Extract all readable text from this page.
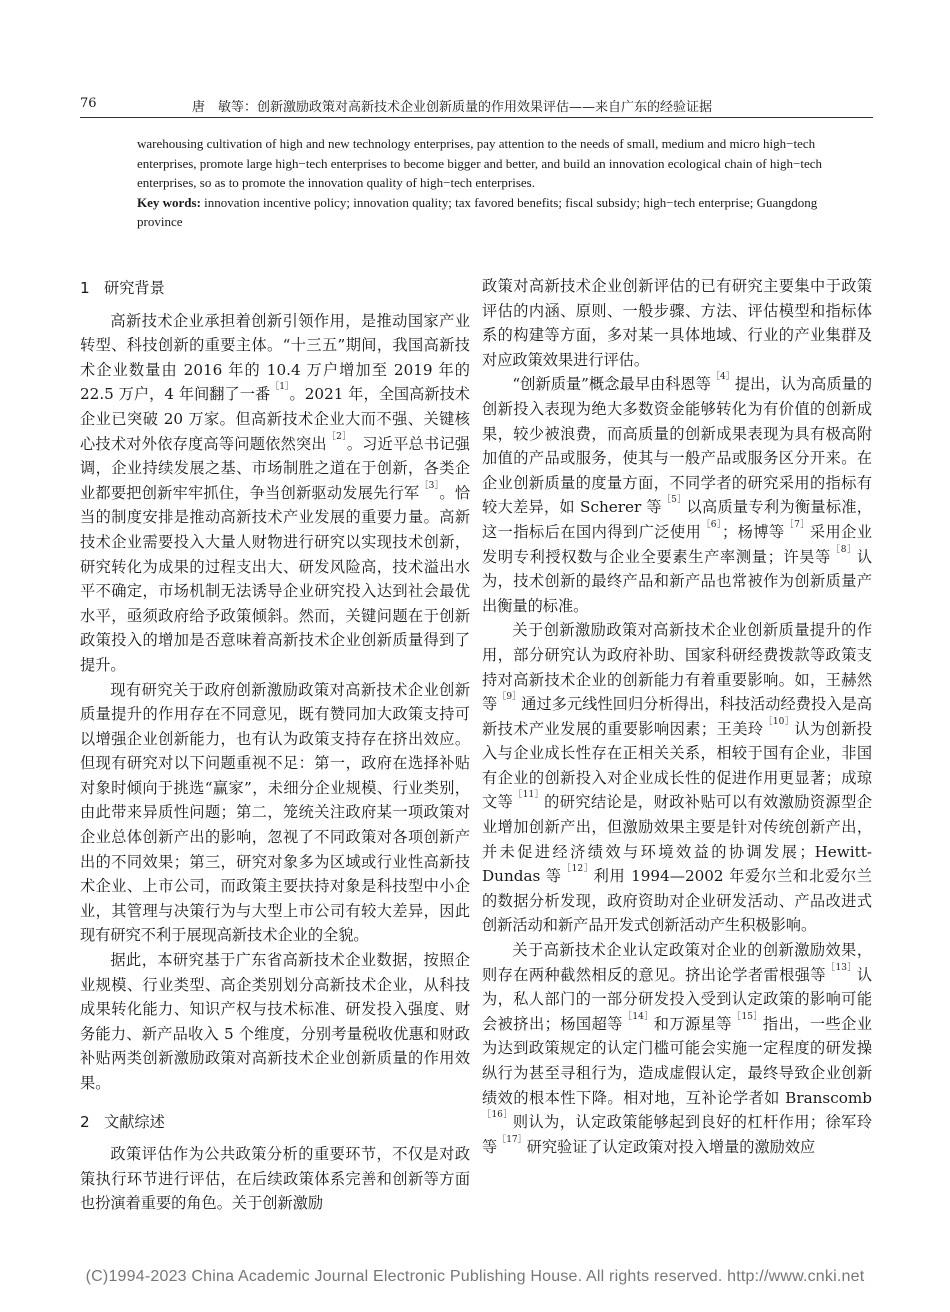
76	唐　敏等：创新激励政策对高新技术企业创新质量的作用效果评估——来自广东的经验证据

warehousing cultivation of high and new technology enterprises, pay attention to the needs of small, medium and micro high−tech enterprises, promote large high−tech enterprises to become bigger and better, and build an innovation ecological chain of high−tech enterprises, so as to promote the innovation quality of high−tech enterprises.

Key words: innovation incentive policy; innovation quality; tax favored benefits; fiscal subsidy; high−tech enterprise; Guangdong province

1 研究背景

高新技术企业承担着创新引领作用，是推动国家产业转型、科技创新的重要主体。“十三五”期间，我国高新技术企业数量由 2016 年的 10.4 万户增加至 2019 年的 22.5 万户，4 年间翻了一番$^{[1]}$。2021 年，全国高新技术企业已突破 20 万家。但高新技术企业大而不强、关键核心技术对外依存度高等问题依然突出$^{[2]}$。习近平总书记强调，企业持续发展之基、市场制胜之道在于创新，各类企业都要把创新牢牢抓住，争当创新驱动发展先行军$^{[3]}$。恰当的制度安排是推动高新技术产业发展的重要力量。高新技术企业需要投入大量人财物进行研究以实现技术创新，研究转化为成果的过程支出大、研发风险高，技术溢出水平不确定，市场机制无法诱导企业研究投入达到社会最优水平，亟须政府给予政策倾斜。然而，关键问题在于创新政策投入的增加是否意味着高新技术企业创新质量得到了提升。

现有研究关于政府创新激励政策对高新技术企业创新质量提升的作用存在不同意见，既有赞同加大政策支持可以增强企业创新能力，也有认为政策支持存在挤出效应。但现有研究对以下问题重视不足：第一，政府在选择补贴对象时倾向于挑选“赢家”，未细分企业规模、行业类别，由此带来异质性问题；第二，笼统关注政府某一项政策对企业总体创新产出的影响，忽视了不同政策对各项创新产出的不同效果；第三，研究对象多为区域或行业性高新技术企业、上市公司，而政策主要扶持对象是科技型中小企业，其管理与决策行为与大型上市公司有较大差异，因此现有研究不利于展现高新技术企业的全貌。

据此，本研究基于广东省高新技术企业数据，按照企业规模、行业类型、高企类别划分高新技术企业，从科技成果转化能力、知识产权与技术标准、研发投入强度、财务能力、新产品收入 5 个维度，分别考量税收优惠和财政补贴两类创新激励政策对高新技术企业创新质量的作用效果。

2 文献综述

政策评估作为公共政策分析的重要环节，不仅是对政策执行环节进行评估，在后续政策体系完善和创新等方面也扮演着重要的角色。关于创新激励

政策对高新技术企业创新评估的已有研究主要集中于政策评估的内涵、原则、一般步骤、方法、评估模型和指标体系的构建等方面，多对某一具体地域、行业的产业集群及对应政策效果进行评估。

“创新质量”概念最早由科恩等$^{[4]}$提出，认为高质量的创新投入表现为绝大多数资金能够转化为有价值的创新成果，较少被浪费，而高质量的创新成果表现为具有极高附加值的产品或服务，使其与一般产品或服务区分开来。在企业创新质量的度量方面，不同学者的研究采用的指标有较大差异，如 Scherer 等$^{[5]}$以高质量专利为衡量标准，这一指标后在国内得到广泛使用$^{[6]}$；杨博等$^{[7]}$采用企业发明专利授权数与企业全要素生产率测量；许昊等$^{[8]}$认为，技术创新的最终产品和新产品也常被作为创新质量产出衡量的标准。

关于创新激励政策对高新技术企业创新质量提升的作用，部分研究认为政府补助、国家科研经费拨款等政策支持对高新技术企业的创新能力有着重要影响。如，王赫然等$^{[9]}$通过多元线性回归分析得出，科技活动经费投入是高新技术产业发展的重要影响因素；王美玲$^{[10]}$认为创新投入与企业成长性存在正相关关系，相较于国有企业，非国有企业的创新投入对企业成长性的促进作用更显著；成琼文等$^{[11]}$的研究结论是，财政补贴可以有效激励资源型企业增加创新产出，但激励效果主要是针对传统创新产出，并未促进经济绩效与环境效益的协调发展；Hewitt-Dundas 等$^{[12]}$利用 1994—2002 年爱尔兰和北爱尔兰的数据分析发现，政府资助对企业研发活动、产品改进式创新活动和新产品开发式创新活动产生积极影响。

关于高新技术企业认定政策对企业的创新激励效果，则存在两种截然相反的意见。挤出论学者雷根强等$^{[13]}$认为，私人部门的一部分研发投入受到认定政策的影响可能会被挤出；杨国超等$^{[14]}$和万源星等$^{[15]}$指出，一些企业为达到政策规定的认定门槛可能会实施一定程度的研发操纵行为甚至寻租行为，造成虚假认定，最终导致企业创新绩效的根本性下降。相对地，互补论学者如 Branscomb$^{[16]}$则认为，认定政策能够起到良好的杠杆作用；徐军玲等$^{[17]}$研究验证了认定政策对投入增量的激励效应

(C)1994-2023 China Academic Journal Electronic Publishing House. All rights reserved. http://www.cnki.net
